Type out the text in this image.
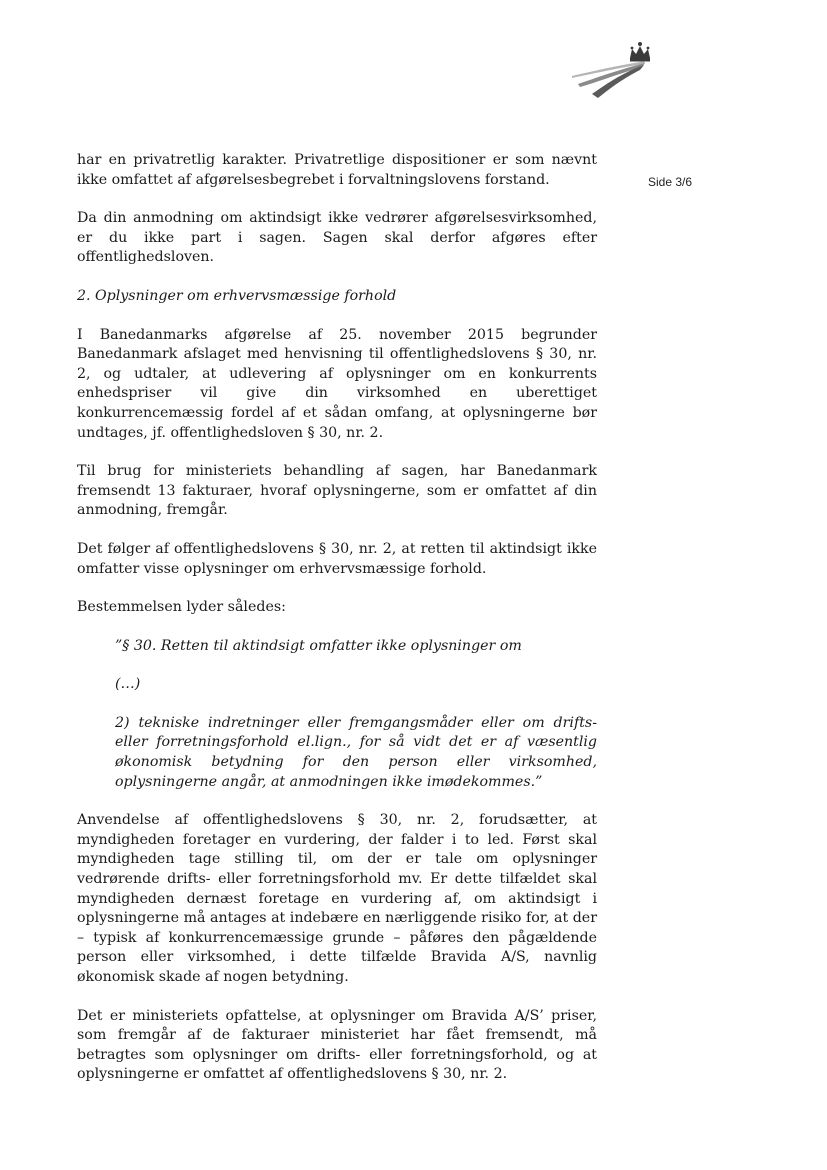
Side 3/6

har en privatretlig karakter. Privatretlige dispositioner er som nævnt ikke omfattet af afgørelsesbegrebet i forvaltningslovens forstand.

Da din anmodning om aktindsigt ikke vedrører afgørelsesvirksomhed, er du ikke part i sagen. Sagen skal derfor afgøres efter offentlighedsloven.

2. Oplysninger om erhvervsmæssige forhold

I Banedanmarks afgørelse af 25. november 2015 begrunder Banedanmark afslaget med henvisning til offentlighedslovens § 30, nr. 2, og udtaler, at udlevering af oplysninger om en konkurrents enhedspriser vil give din virksomhed en uberettiget konkurrencemæssig fordel af et sådan omfang, at oplysningerne bør undtages, jf. offentlighedsloven § 30, nr. 2.

Til brug for ministeriets behandling af sagen, har Banedanmark fremsendt 13 fakturaer, hvoraf oplysningerne, som er omfattet af din anmodning, fremgår.

Det følger af offentlighedslovens § 30, nr. 2, at retten til aktindsigt ikke omfatter visse oplysninger om erhvervsmæssige forhold.

Bestemmelsen lyder således:

”§ 30. Retten til aktindsigt omfatter ikke oplysninger om

(…)

2) tekniske indretninger eller fremgangsmåder eller om drifts- eller forretningsforhold el.lign., for så vidt det er af væsentlig økonomisk betydning for den person eller virksomhed, oplysningerne angår, at anmodningen ikke imødekommes.”

Anvendelse af offentlighedslovens § 30, nr. 2, forudsætter, at myndigheden foretager en vurdering, der falder i to led. Først skal myndigheden tage stilling til, om der er tale om oplysninger vedrørende drifts- eller forretningsforhold mv. Er dette tilfældet skal myndigheden dernæst foretage en vurdering af, om aktindsigt i oplysningerne må antages at indebære en nærliggende risiko for, at der – typisk af konkurrencemæssige grunde – påføres den pågældende person eller virksomhed, i dette tilfælde Bravida A/S, navnlig økonomisk skade af nogen betydning.

Det er ministeriets opfattelse, at oplysninger om Bravida A/S’ priser, som fremgår af de fakturaer ministeriet har fået fremsendt, må betragtes som oplysninger om drifts- eller forretningsforhold, og at oplysningerne er omfattet af offentlighedslovens § 30, nr. 2.
